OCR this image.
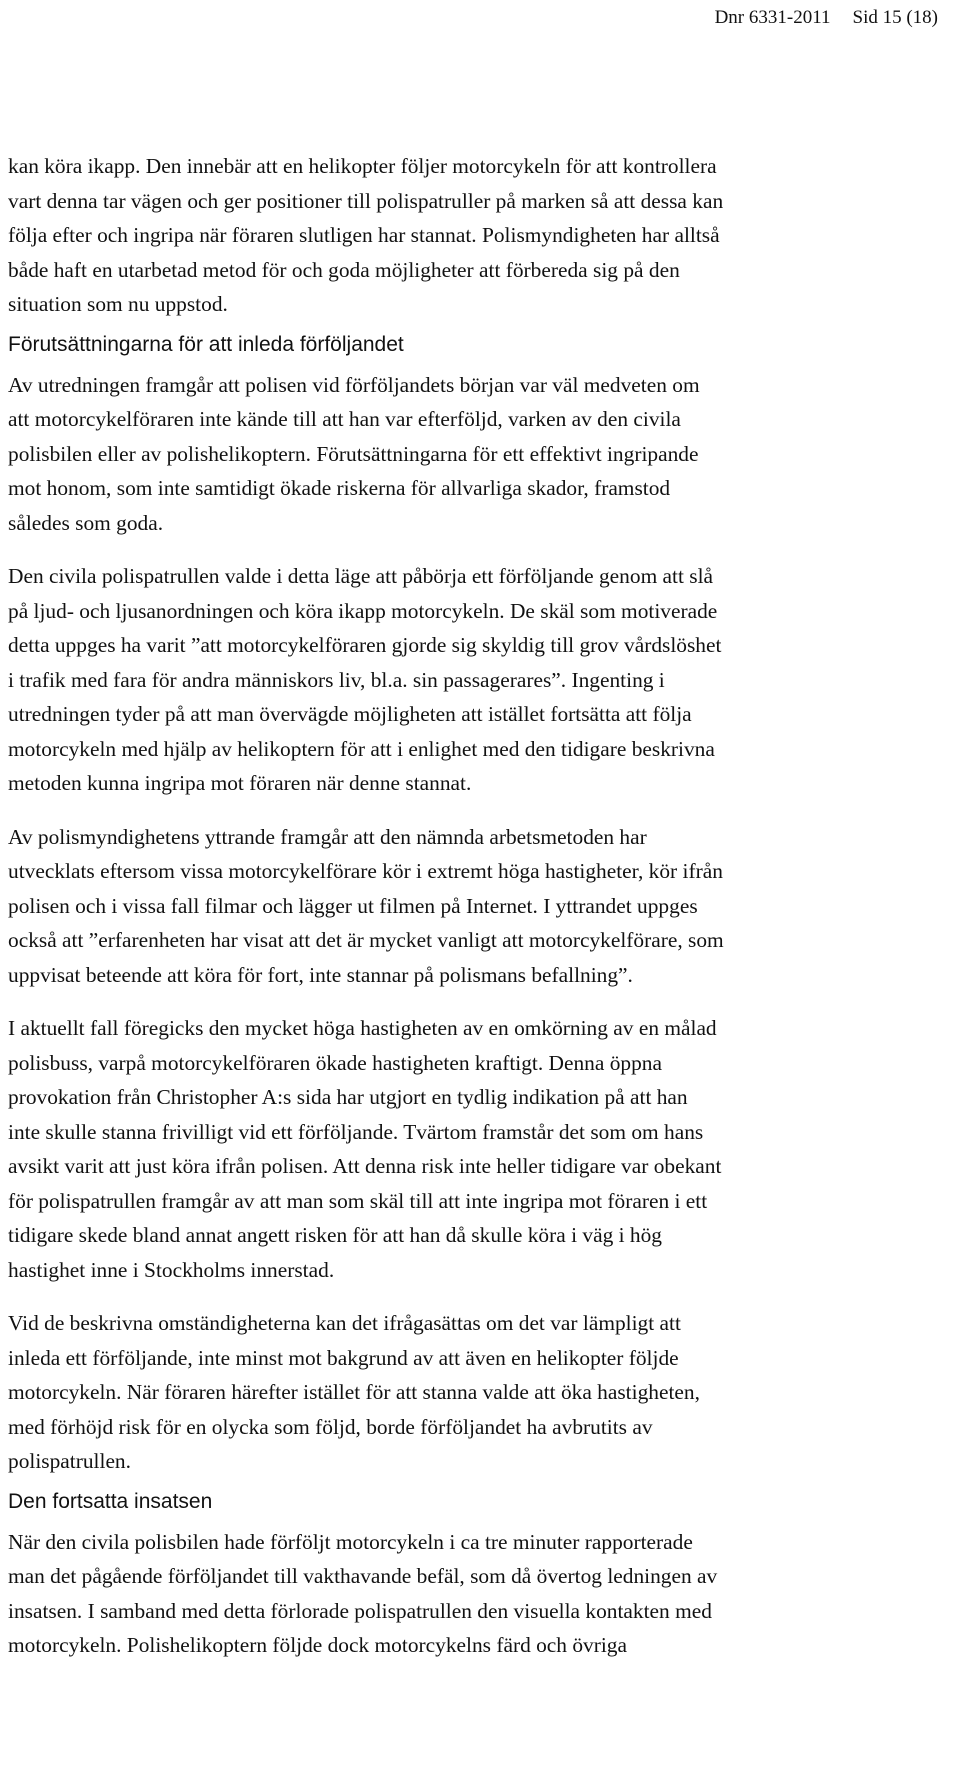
Dnr 6331-2011 Sid 15 (18)

kan köra ikapp. Den innebär att en helikopter följer motorcykeln för att kontrollera
vart denna tar vägen och ger positioner till polispatruller på marken så att dessa kan
följa efter och ingripa när föraren slutligen har stannat. Polismyndigheten har alltså
både haft en utarbetad metod för och goda möjligheter att förbereda sig på den
situation som nu uppstod.

Förutsättningarna för att inleda förföljandet

Av utredningen framgår att polisen vid förföljandets början var väl medveten om
att motorcykelföraren inte kände till att han var efterföljd, varken av den civila
polisbilen eller av polishelikoptern. Förutsättningarna för ett effektivt ingripande
mot honom, som inte samtidigt ökade riskerna för allvarliga skador, framstod
således som goda.

Den civila polispatrullen valde i detta läge att påbörja ett förföljande genom att slå
på ljud- och ljusanordningen och köra ikapp motorcykeln. De skäl som motiverade
detta uppges ha varit ”att motorcykelföraren gjorde sig skyldig till grov vårdslöshet
i trafik med fara för andra människors liv, bl.a. sin passagerares”. Ingenting i
utredningen tyder på att man övervägde möjligheten att istället fortsätta att följa
motorcykeln med hjälp av helikoptern för att i enlighet med den tidigare beskrivna
metoden kunna ingripa mot föraren när denne stannat.

Av polismyndighetens yttrande framgår att den nämnda arbetsmetoden har
utvecklats eftersom vissa motorcykelförare kör i extremt höga hastigheter, kör ifrån
polisen och i vissa fall filmar och lägger ut filmen på Internet. I yttrandet uppges
också att ”erfarenheten har visat att det är mycket vanligt att motorcykelförare, som
uppvisat beteende att köra för fort, inte stannar på polismans befallning”.

I aktuellt fall föregicks den mycket höga hastigheten av en omkörning av en målad
polisbuss, varpå motorcykelföraren ökade hastigheten kraftigt. Denna öppna
provokation från Christopher A:s sida har utgjort en tydlig indikation på att han
inte skulle stanna frivilligt vid ett förföljande. Tvärtom framstår det som om hans
avsikt varit att just köra ifrån polisen. Att denna risk inte heller tidigare var obekant
för polispatrullen framgår av att man som skäl till att inte ingripa mot föraren i ett
tidigare skede bland annat angett risken för att han då skulle köra i väg i hög
hastighet inne i Stockholms innerstad.

Vid de beskrivna omständigheterna kan det ifrågasättas om det var lämpligt att
inleda ett förföljande, inte minst mot bakgrund av att även en helikopter följde
motorcykeln. När föraren härefter istället för att stanna valde att öka hastigheten,
med förhöjd risk för en olycka som följd, borde förföljandet ha avbrutits av
polispatrullen.

Den fortsatta insatsen

När den civila polisbilen hade förföljt motorcykeln i ca tre minuter rapporterade
man det pågående förföljandet till vakthavande befäl, som då övertog ledningen av
insatsen. I samband med detta förlorade polispatrullen den visuella kontakten med
motorcykeln. Polishelikoptern följde dock motorcykelns färd och övriga
